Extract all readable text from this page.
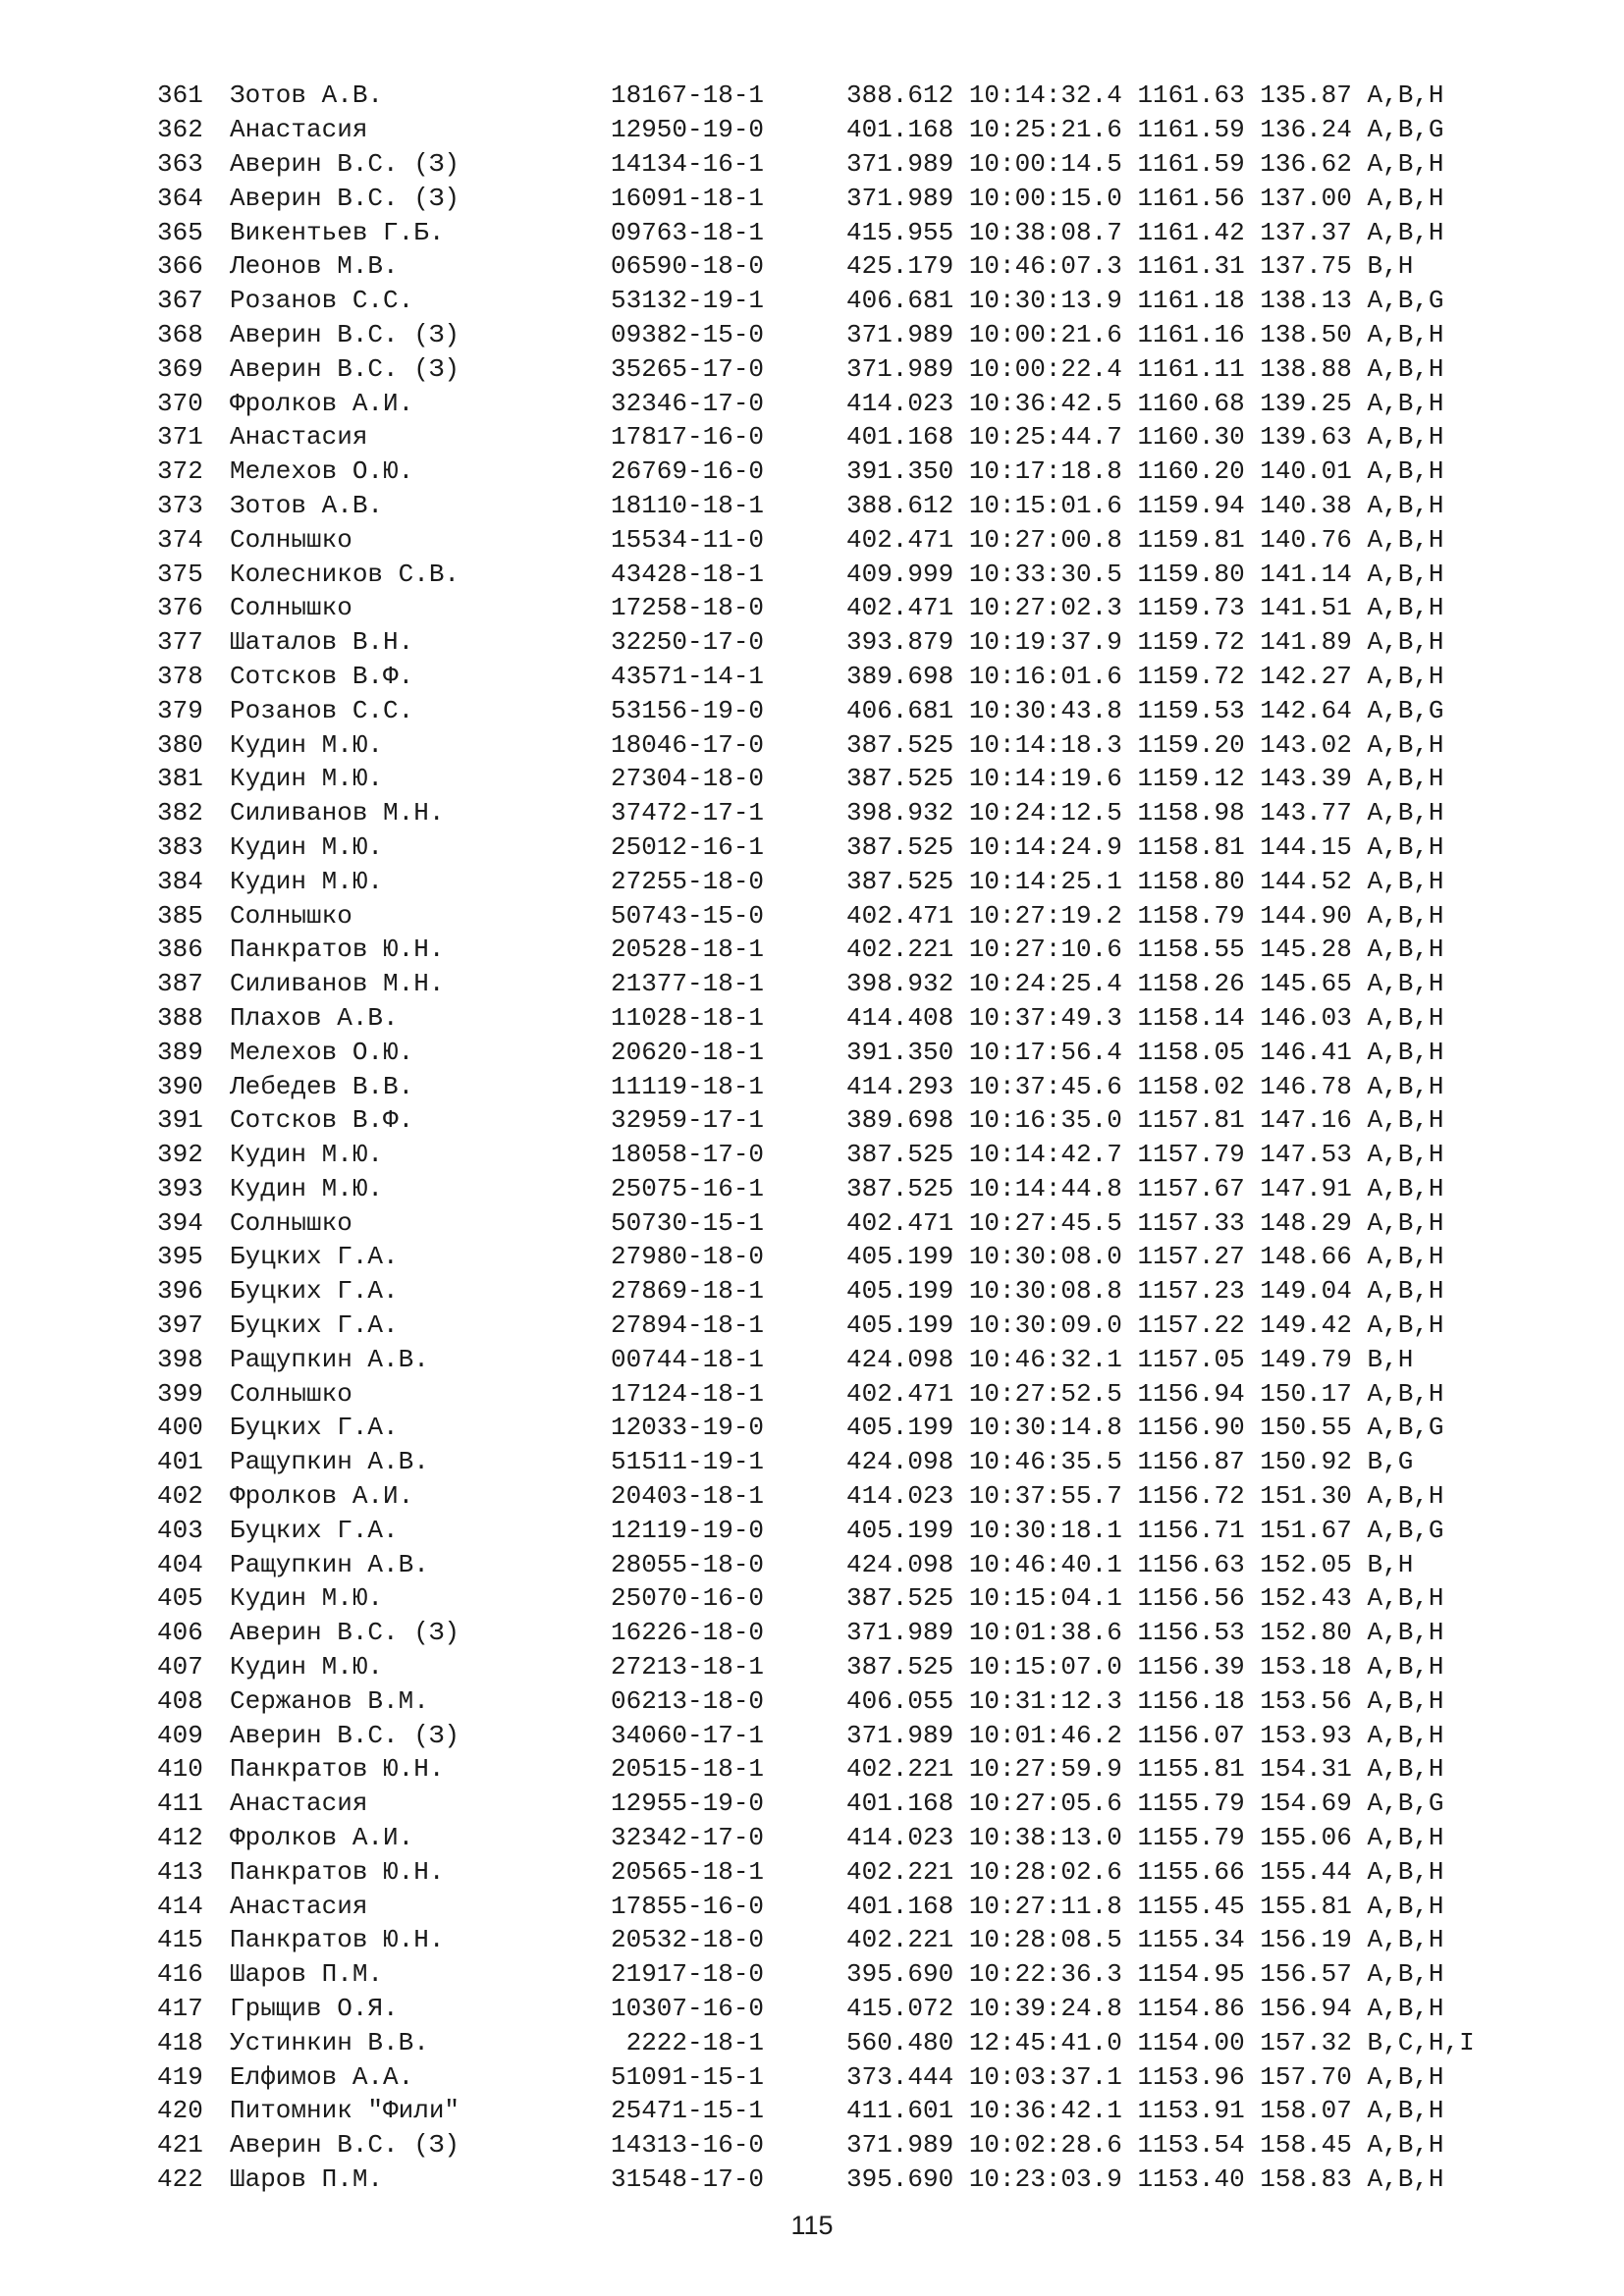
361	Зотов А.В.	18167-18-1	388.612 10:14:32.4 1161.63 135.87 A,B,H
362	Анастасия	12950-19-0	401.168 10:25:21.6 1161.59 136.24 A,B,G
363	Аверин В.С. (З)	14134-16-1	371.989 10:00:14.5 1161.59 136.62 A,B,H
364	Аверин В.С. (З)	16091-18-1	371.989 10:00:15.0 1161.56 137.00 A,B,H
365	Викентьев Г.Б.	09763-18-1	415.955 10:38:08.7 1161.42 137.37 A,B,H
366	Леонов М.В.	06590-18-0	425.179 10:46:07.3 1161.31 137.75 B,H
367	Розанов С.С.	53132-19-1	406.681 10:30:13.9 1161.18 138.13 A,B,G
368	Аверин В.С. (З)	09382-15-0	371.989 10:00:21.6 1161.16 138.50 A,B,H
369	Аверин В.С. (З)	35265-17-0	371.989 10:00:22.4 1161.11 138.88 A,B,H
370	Фролков А.И.	32346-17-0	414.023 10:36:42.5 1160.68 139.25 A,B,H
371	Анастасия	17817-16-0	401.168 10:25:44.7 1160.30 139.63 A,B,H
372	Мелехов О.Ю.	26769-16-0	391.350 10:17:18.8 1160.20 140.01 A,B,H
373	Зотов А.В.	18110-18-1	388.612 10:15:01.6 1159.94 140.38 A,B,H
374	Солнышко	15534-11-0	402.471 10:27:00.8 1159.81 140.76 A,B,H
375	Колесников С.В.	43428-18-1	409.999 10:33:30.5 1159.80 141.14 A,B,H
376	Солнышко	17258-18-0	402.471 10:27:02.3 1159.73 141.51 A,B,H
377	Шаталов В.Н.	32250-17-0	393.879 10:19:37.9 1159.72 141.89 A,B,H
378	Сотсков В.Ф.	43571-14-1	389.698 10:16:01.6 1159.72 142.27 A,B,H
379	Розанов С.С.	53156-19-0	406.681 10:30:43.8 1159.53 142.64 A,B,G
380	Кудин М.Ю.	18046-17-0	387.525 10:14:18.3 1159.20 143.02 A,B,H
381	Кудин М.Ю.	27304-18-0	387.525 10:14:19.6 1159.12 143.39 A,B,H
382	Силиванов М.Н.	37472-17-1	398.932 10:24:12.5 1158.98 143.77 A,B,H
383	Кудин М.Ю.	25012-16-1	387.525 10:14:24.9 1158.81 144.15 A,B,H
384	Кудин М.Ю.	27255-18-0	387.525 10:14:25.1 1158.80 144.52 A,B,H
385	Солнышко	50743-15-0	402.471 10:27:19.2 1158.79 144.90 A,B,H
386	Панкратов Ю.Н.	20528-18-1	402.221 10:27:10.6 1158.55 145.28 A,B,H
387	Силиванов М.Н.	21377-18-1	398.932 10:24:25.4 1158.26 145.65 A,B,H
388	Плахов А.В.	11028-18-1	414.408 10:37:49.3 1158.14 146.03 A,B,H
389	Мелехов О.Ю.	20620-18-1	391.350 10:17:56.4 1158.05 146.41 A,B,H
390	Лебедев В.В.	11119-18-1	414.293 10:37:45.6 1158.02 146.78 A,B,H
391	Сотсков В.Ф.	32959-17-1	389.698 10:16:35.0 1157.81 147.16 A,B,H
392	Кудин М.Ю.	18058-17-0	387.525 10:14:42.7 1157.79 147.53 A,B,H
393	Кудин М.Ю.	25075-16-1	387.525 10:14:44.8 1157.67 147.91 A,B,H
394	Солнышко	50730-15-1	402.471 10:27:45.5 1157.33 148.29 A,B,H
395	Буцких Г.А.	27980-18-0	405.199 10:30:08.0 1157.27 148.66 A,B,H
396	Буцких Г.А.	27869-18-1	405.199 10:30:08.8 1157.23 149.04 A,B,H
397	Буцких Г.А.	27894-18-1	405.199 10:30:09.0 1157.22 149.42 A,B,H
398	Ращупкин А.В.	00744-18-1	424.098 10:46:32.1 1157.05 149.79 B,H
399	Солнышко	17124-18-1	402.471 10:27:52.5 1156.94 150.17 A,B,H
400	Буцких Г.А.	12033-19-0	405.199 10:30:14.8 1156.90 150.55 A,B,G
401	Ращупкин А.В.	51511-19-1	424.098 10:46:35.5 1156.87 150.92 B,G
402	Фролков А.И.	20403-18-1	414.023 10:37:55.7 1156.72 151.30 A,B,H
403	Буцких Г.А.	12119-19-0	405.199 10:30:18.1 1156.71 151.67 A,B,G
404	Ращупкин А.В.	28055-18-0	424.098 10:46:40.1 1156.63 152.05 B,H
405	Кудин М.Ю.	25070-16-0	387.525 10:15:04.1 1156.56 152.43 A,B,H
406	Аверин В.С. (З)	16226-18-0	371.989 10:01:38.6 1156.53 152.80 A,B,H
407	Кудин М.Ю.	27213-18-1	387.525 10:15:07.0 1156.39 153.18 A,B,H
408	Сержанов В.М.	06213-18-0	406.055 10:31:12.3 1156.18 153.56 A,B,H
409	Аверин В.С. (З)	34060-17-1	371.989 10:01:46.2 1156.07 153.93 A,B,H
410	Панкратов Ю.Н.	20515-18-1	402.221 10:27:59.9 1155.81 154.31 A,B,H
411	Анастасия	12955-19-0	401.168 10:27:05.6 1155.79 154.69 A,B,G
412	Фролков А.И.	32342-17-0	414.023 10:38:13.0 1155.79 155.06 A,B,H
413	Панкратов Ю.Н.	20565-18-1	402.221 10:28:02.6 1155.66 155.44 A,B,H
414	Анастасия	17855-16-0	401.168 10:27:11.8 1155.45 155.81 A,B,H
415	Панкратов Ю.Н.	20532-18-0	402.221 10:28:08.5 1155.34 156.19 A,B,H
416	Шаров П.М.	21917-18-0	395.690 10:22:36.3 1154.95 156.57 A,B,H
417	Грыщив О.Я.	10307-16-0	415.072 10:39:24.8 1154.86 156.94 A,B,H
418	Устинкин В.В.	2222-18-1	560.480 12:45:41.0 1154.00 157.32 B,C,H,I
419	Елфимов А.А.	51091-15-1	373.444 10:03:37.1 1153.96 157.70 A,B,H
420	Питомник "Фили"	25471-15-1	411.601 10:36:42.1 1153.91 158.07 A,B,H
421	Аверин В.С. (З)	14313-16-0	371.989 10:02:28.6 1153.54 158.45 A,B,H
422	Шаров П.М.	31548-17-0	395.690 10:23:03.9 1153.40 158.83 A,B,H
115
